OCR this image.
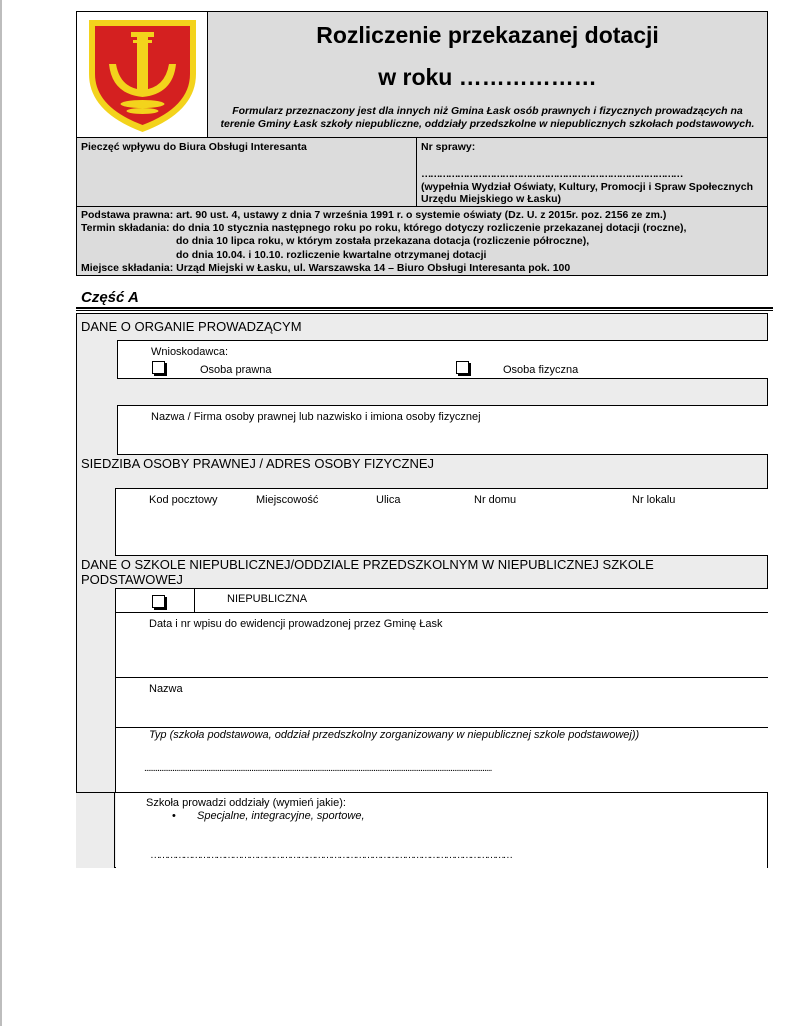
Rozliczenie przekazanej dotacji
w roku ………………
Formularz przeznaczony jest dla innych niż Gmina Łask osób prawnych i fizycznych prowadzących na
terenie Gminy Łask szkoły niepubliczne, oddziały przedszkolne w niepublicznych szkołach podstawowych.
Pieczęć wpływu do Biura Obsługi Interesanta	Nr sprawy:
……………………………………………………………………………
(wypełnia Wydział Oświaty, Kultury, Promocji i Spraw Społecznych
Urzędu Miejskiego w Łasku)
Podstawa prawna: art. 90 ust. 4, ustawy z dnia 7 września 1991 r. o systemie oświaty (Dz. U. z 2015r. poz. 2156 ze zm.)
Termin składania: do dnia 10 stycznia następnego roku po roku, którego dotyczy rozliczenie przekazanej dotacji (roczne),
do dnia 10 lipca roku, w którym została przekazana dotacja (rozliczenie półroczne),
do dnia 10.04. i 10.10. rozliczenie kwartalne otrzymanej dotacji
Miejsce składania: Urząd Miejski w Łasku, ul. Warszawska 14 – Biuro Obsługi Interesanta pok. 100
Część A
DANE O ORGANIE PROWADZĄCYM
Wnioskodawca:
Osoba prawna	Osoba fizyczna
Nazwa / Firma osoby prawnej lub nazwisko i imiona osoby fizycznej
SIEDZIBA OSOBY PRAWNEJ / ADRES OSOBY FIZYCZNEJ
Kod pocztowy	Miejscowość	Ulica	Nr domu	Nr lokalu
DANE O SZKOLE NIEPUBLICZNEJ/ODDZIALE PRZEDSZKOLNYM W NIEPUBLICZNEJ SZKOLE
PODSTAWOWEJ
NIEPUBLICZNA
Data i nr wpisu do ewidencji prowadzonej przez Gminę Łask
Nazwa
Typ (szkoła podstawowa, oddział przedszkolny zorganizowany w niepublicznej szkole podstawowej))
.........................................................................................................................................................................................
Szkoła prowadzi oddziały (wymień jakie):
• Specjalne, integracyjne, sportowe,
……………………………………………………………………………………………………………………
